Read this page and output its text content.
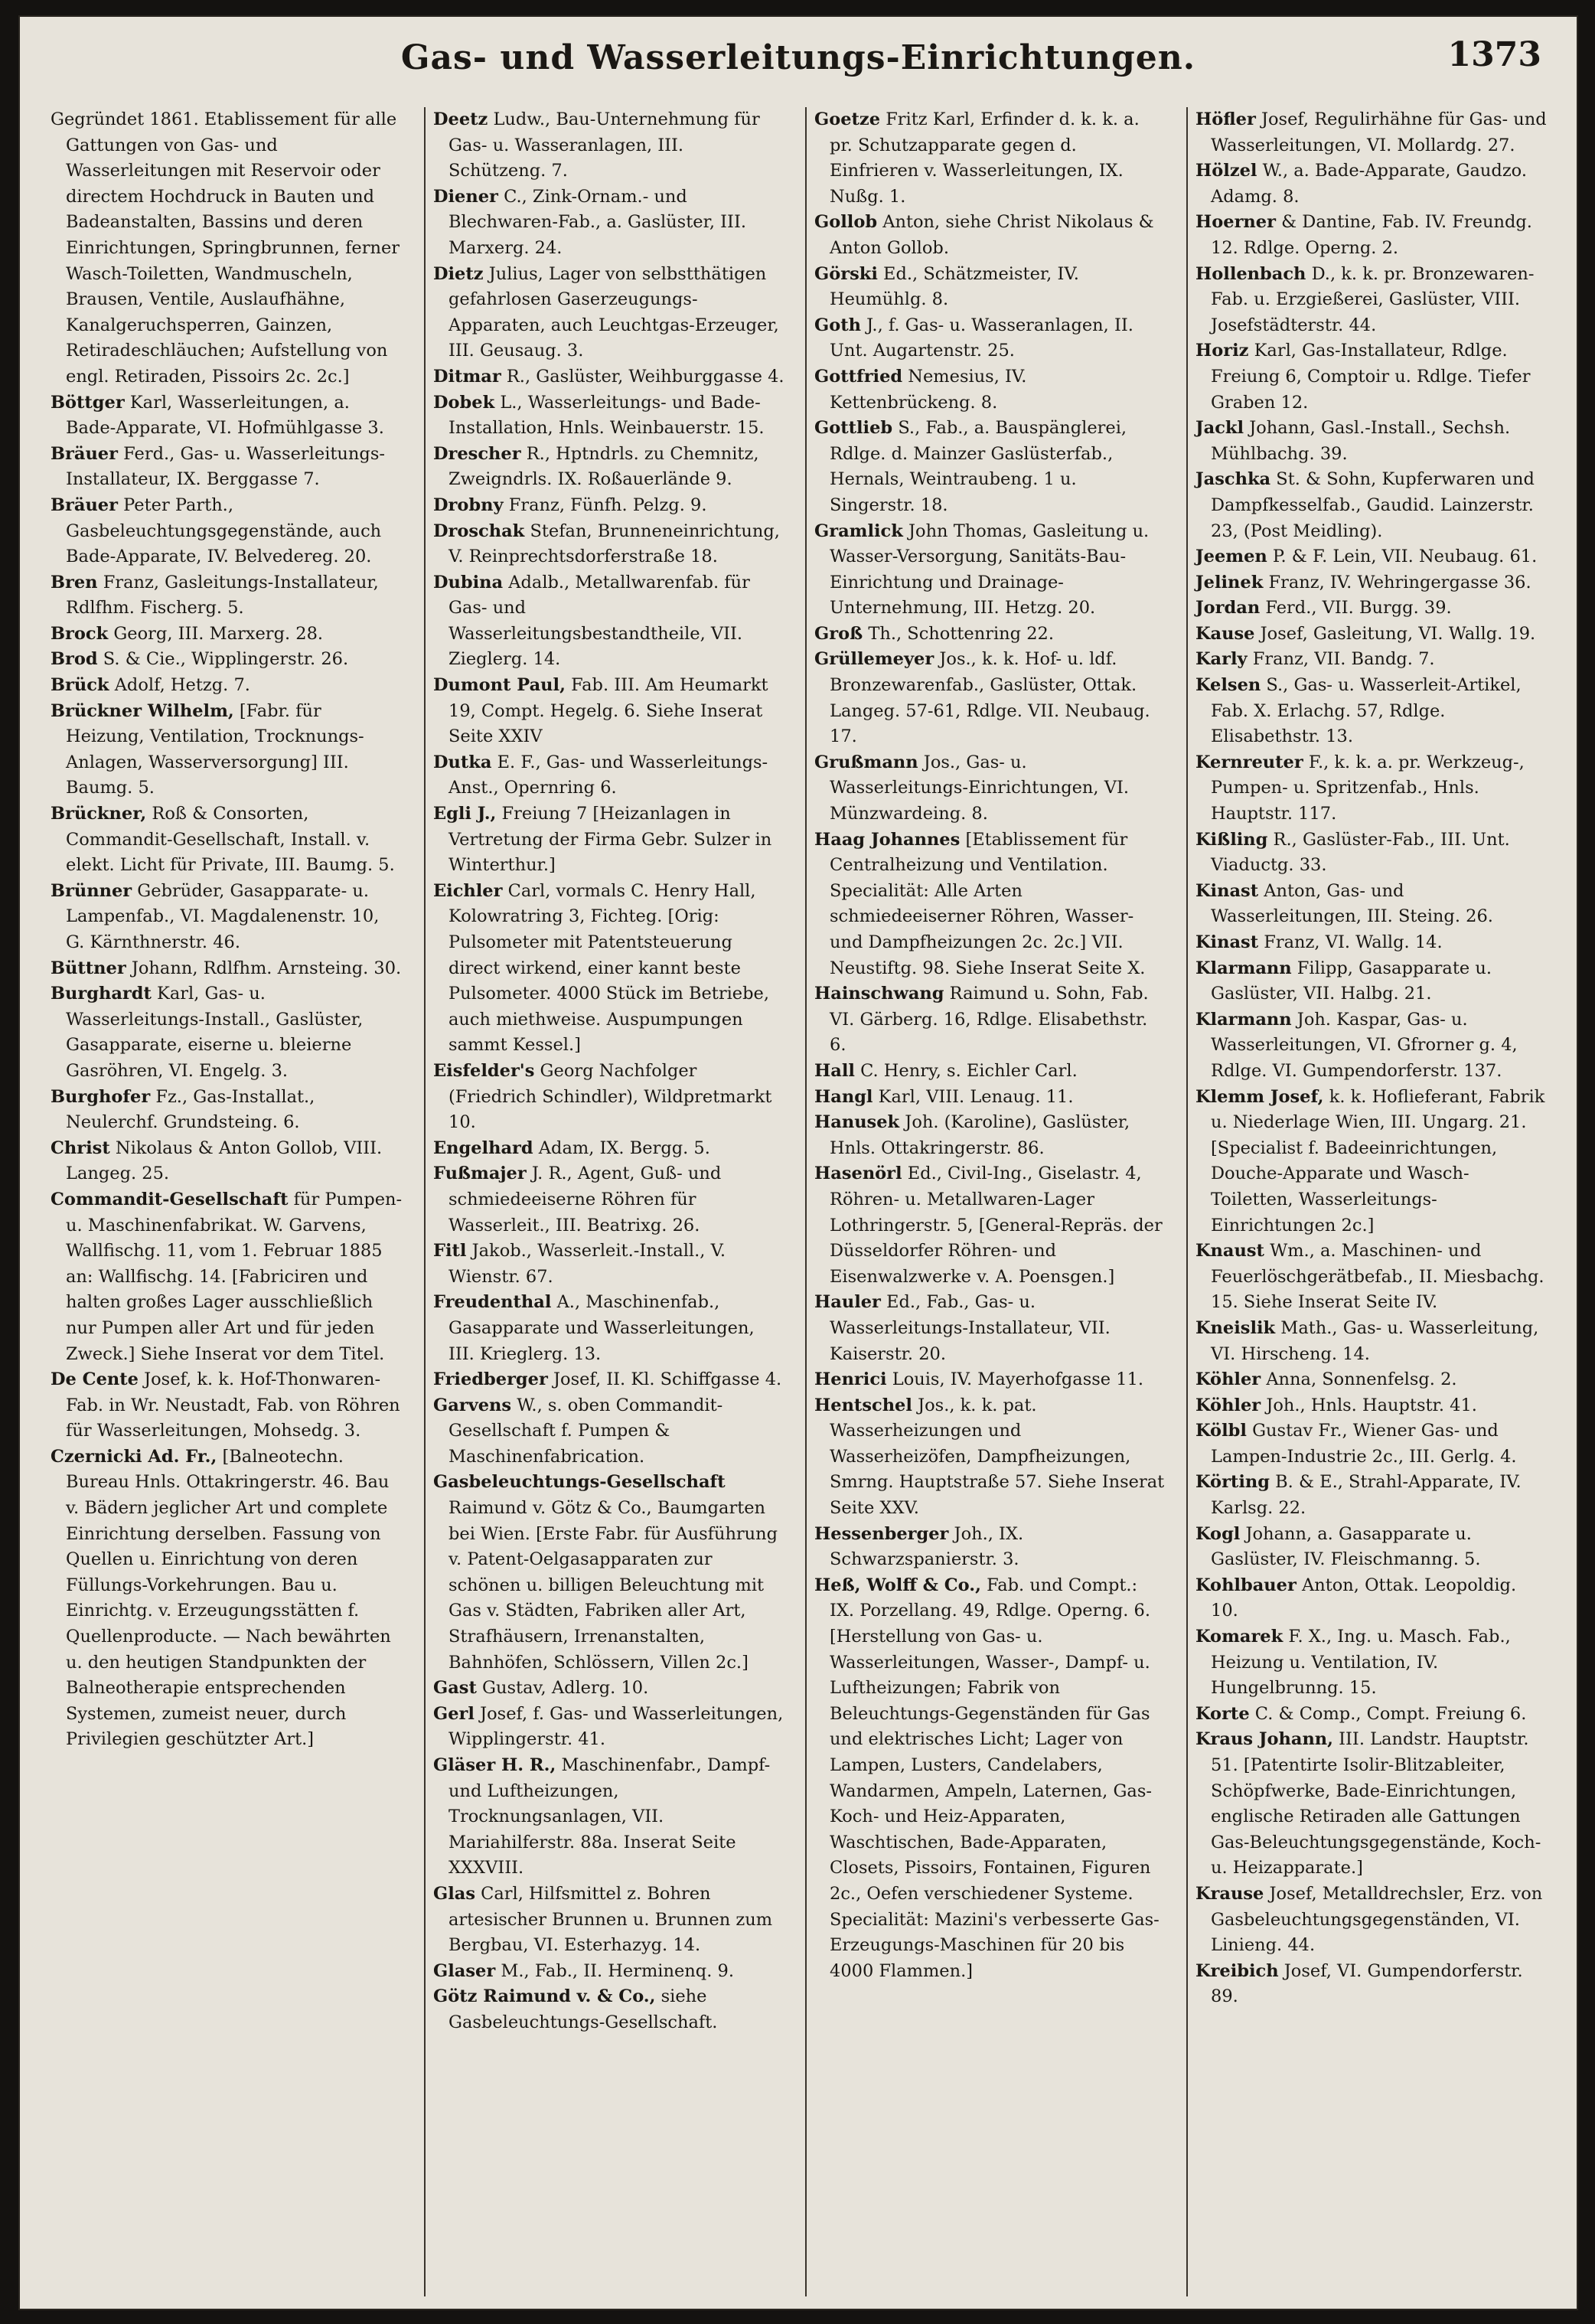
Gas- und Wasserleitungs-Einrichtungen.	1373

Gegründet 1861. Etablissement für alle Gattungen von Gas- und Wasserleitungen mit Reservoir oder directem Hochdruck in Bauten und Badeanstalten, Bassins und deren Einrichtungen, Springbrunnen, ferner Wasch-Toiletten, Wandmuscheln, Brausen, Ventile, Auslaufhähne, Kanalgeruchsperren, Gainzen, Retiradeschläuchen; Aufstellung von engl. Retiraden, Pissoirs 2c. 2c.]

Böttger Karl, Wasserleitungen, a. Bade-Apparate, VI. Hofmühlgasse 3.

Bräuer Ferd., Gas- u. Wasserleitungs-Installateur, IX. Berggasse 7.

Bräuer Peter Parth., Gasbeleuchtungsgegenstände, auch Bade-Apparate, IV. Belvedereg. 20.

Bren Franz, Gasleitungs-Installateur, Rdlfhm. Fischerg. 5.

Brock Georg, III. Marxerg. 28.

Brod S. & Cie., Wipplingerstr. 26.

Brück Adolf, Hetzg. 7.

Brückner Wilhelm, [Fabr. für Heizung, Ventilation, Trocknungs-Anlagen, Wasserversorgung] III. Baumg. 5.

Brückner, Roß & Consorten, Commandit-Gesellschaft, Install. v. elekt. Licht für Private, III. Baumg. 5.

Brünner Gebrüder, Gasapparate- u. Lampenfab., VI. Magdalenenstr. 10, G. Kärnthnerstr. 46.

Büttner Johann, Rdlfhm. Arnsteing. 30.

Burghardt Karl, Gas- u. Wasserleitungs-Install., Gaslüster, Gasapparate, eiserne u. bleierne Gasröhren, VI. Engelg. 3.

Burghofer Fz., Gas-Installat., Neulerchf. Grundsteing. 6.

Christ Nikolaus & Anton Gollob, VIII. Langeg. 25.

Commandit-Gesellschaft für Pumpen- u. Maschinenfabrikat. W. Garvens, Wallfischg. 11, vom 1. Februar 1885 an: Wallfischg. 14. [Fabriciren und halten großes Lager ausschließlich nur Pumpen aller Art und für jeden Zweck.] Siehe Inserat vor dem Titel.

De Cente Josef, k. k. Hof-Thonwaren-Fab. in Wr. Neustadt, Fab. von Röhren für Wasserleitungen, Mohsedg. 3.

Czernicki Ad. Fr., [Balneotechn. Bureau Hnls. Ottakringerstr. 46. Bau v. Bädern jeglicher Art und complete Einrichtung derselben. Fassung von Quellen u. Einrichtung von deren Füllungs-Vorkehrungen. Bau u. Einrichtg. v. Erzeugungsstätten f. Quellenproducte. — Nach bewährten u. den heutigen Standpunkten der Balneotherapie entsprechenden Systemen, zumeist neuer, durch Privilegien geschützter Art.]

Deetz Ludw., Bau-Unternehmung für Gas- u. Wasseranlagen, III. Schützeng. 7.

Diener C., Zink-Ornam.- und Blechwaren-Fab., a. Gaslüster, III. Marxerg. 24.

Dietz Julius, Lager von selbstthätigen gefahrlosen Gaserzeugungs-Apparaten, auch Leuchtgas-Erzeuger, III. Geusaug. 3.

Ditmar R., Gaslüster, Weihburggasse 4.

Dobek L., Wasserleitungs- und Bade-Installation, Hnls. Weinbauerstr. 15.

Drescher R., Hptndrls. zu Chemnitz, Zweigndrls. IX. Roßauerlände 9.

Drobny Franz, Fünfh. Pelzg. 9.

Droschak Stefan, Brunneneinrichtung, V. Reinprechtsdorferstraße 18.

Dubina Adalb., Metallwarenfab. für Gas- und Wasserleitungsbestandtheile, VII. Zieglerg. 14.

Dumont Paul, Fab. III. Am Heumarkt 19, Compt. Hegelg. 6. Siehe Inserat Seite XXIV

Dutka E. F., Gas- und Wasserleitungs-Anst., Opernring 6.

Egli J., Freiung 7 [Heizanlagen in Vertretung der Firma Gebr. Sulzer in Winterthur.]

Eichler Carl, vormals C. Henry Hall, Kolowratring 3, Fichteg. [Orig: Pulsometer mit Patentsteuerung direct wirkend, einer kannt beste Pulsometer. 4000 Stück im Betriebe, auch miethweise. Auspumpungen sammt Kessel.]

Eisfelder's Georg Nachfolger (Friedrich Schindler), Wildpretmarkt 10.

Engelhard Adam, IX. Bergg. 5.

Fußmajer J. R., Agent, Guß- und schmiedeeiserne Röhren für Wasserleit., III. Beatrixg. 26.

Fitl Jakob., Wasserleit.-Install., V. Wienstr. 67.

Freudenthal A., Maschinenfab., Gasapparate und Wasserleitungen, III. Krieglerg. 13.

Friedberger Josef, II. Kl. Schiffgasse 4.

Garvens W., s. oben Commandit-Gesellschaft f. Pumpen & Maschinenfabrication.

Gasbeleuchtungs-Gesellschaft Raimund v. Götz & Co., Baumgarten bei Wien. [Erste Fabr. für Ausführung v. Patent-Oelgasapparaten zur schönen u. billigen Beleuchtung mit Gas v. Städten, Fabriken aller Art, Strafhäusern, Irrenanstalten, Bahnhöfen, Schlössern, Villen 2c.]

Gast Gustav, Adlerg. 10.

Gerl Josef, f. Gas- und Wasserleitungen, Wipplingerstr. 41.

Gläser H. R., Maschinenfabr., Dampf- und Luftheizungen, Trocknungsanlagen, VII. Mariahilferstr. 88a. Inserat Seite XXXVIII.

Glas Carl, Hilfsmittel z. Bohren artesischer Brunnen u. Brunnen zum Bergbau, VI. Esterhazyg. 14.

Glaser M., Fab., II. Herminenq. 9.

Götz Raimund v. & Co., siehe Gasbeleuchtungs-Gesellschaft.

Goetze Fritz Karl, Erfinder d. k. k. a. pr. Schutzapparate gegen d. Einfrieren v. Wasserleitungen, IX. Nußg. 1.

Gollob Anton, siehe Christ Nikolaus & Anton Gollob.

Görski Ed., Schätzmeister, IV. Heumühlg. 8.

Goth J., f. Gas- u. Wasseranlagen, II. Unt. Augartenstr. 25.

Gottfried Nemesius, IV. Kettenbrückeng. 8.

Gottlieb S., Fab., a. Bauspänglerei, Rdlge. d. Mainzer Gaslüsterfab., Hernals, Weintraubeng. 1 u. Singerstr. 18.

Gramlick John Thomas, Gasleitung u. Wasser-Versorgung, Sanitäts-Bau-Einrichtung und Drainage-Unternehmung, III. Hetzg. 20.

Groß Th., Schottenring 22.

Grüllemeyer Jos., k. k. Hof- u. ldf. Bronzewarenfab., Gaslüster, Ottak. Langeg. 57-61, Rdlge. VII. Neubaug. 17.

Grußmann Jos., Gas- u. Wasserleitungs-Einrichtungen, VI. Münzwardeing. 8.

Haag Johannes [Etablissement für Centralheizung und Ventilation. Specialität: Alle Arten schmiedeeiserner Röhren, Wasser- und Dampfheizungen 2c. 2c.] VII. Neustiftg. 98. Siehe Inserat Seite X.

Hainschwang Raimund u. Sohn, Fab. VI. Gärberg. 16, Rdlge. Elisabethstr. 6.

Hall C. Henry, s. Eichler Carl.

Hangl Karl, VIII. Lenaug. 11.

Hanusek Joh. (Karoline), Gaslüster, Hnls. Ottakringerstr. 86.

Hasenörl Ed., Civil-Ing., Giselastr. 4, Röhren- u. Metallwaren-Lager Lothringerstr. 5, [General-Repräs. der Düsseldorfer Röhren- und Eisenwalzwerke v. A. Poensgen.]

Hauler Ed., Fab., Gas- u. Wasserleitungs-Installateur, VII. Kaiserstr. 20.

Henrici Louis, IV. Mayerhofgasse 11.

Hentschel Jos., k. k. pat. Wasserheizungen und Wasserheizöfen, Dampfheizungen, Smrng. Hauptstraße 57. Siehe Inserat Seite XXV.

Hessenberger Joh., IX. Schwarzspanierstr. 3.

Heß, Wolff & Co., Fab. und Compt.: IX. Porzellang. 49, Rdlge. Operng. 6. [Herstellung von Gas- u. Wasserleitungen, Wasser-, Dampf- u. Luftheizungen; Fabrik von Beleuchtungs-Gegenständen für Gas und elektrisches Licht; Lager von Lampen, Lusters, Candelabers, Wandarmen, Ampeln, Laternen, Gas-Koch- und Heiz-Apparaten, Waschtischen, Bade-Apparaten, Closets, Pissoirs, Fontainen, Figuren 2c., Oefen verschiedener Systeme. Specialität: Mazini's verbesserte Gas-Erzeugungs-Maschinen für 20 bis 4000 Flammen.]

Höfler Josef, Regulirhähne für Gas- und Wasserleitungen, VI. Mollardg. 27.

Hölzel W., a. Bade-Apparate, Gaudzo. Adamg. 8.

Hoerner & Dantine, Fab. IV. Freundg. 12. Rdlge. Operng. 2.

Hollenbach D., k. k. pr. Bronzewaren-Fab. u. Erzgießerei, Gaslüster, VIII. Josefstädterstr. 44.

Horiz Karl, Gas-Installateur, Rdlge. Freiung 6, Comptoir u. Rdlge. Tiefer Graben 12.

Jackl Johann, Gasl.-Install., Sechsh. Mühlbachg. 39.

Jaschka St. & Sohn, Kupferwaren und Dampfkesselfab., Gaudid. Lainzerstr. 23, (Post Meidling).

Jeemen P. & F. Lein, VII. Neubaug. 61.

Jelinek Franz, IV. Wehringergasse 36.

Jordan Ferd., VII. Burgg. 39.

Kause Josef, Gasleitung, VI. Wallg. 19.

Karly Franz, VII. Bandg. 7.

Kelsen S., Gas- u. Wasserleit-Artikel, Fab. X. Erlachg. 57, Rdlge. Elisabethstr. 13.

Kernreuter F., k. k. a. pr. Werkzeug-, Pumpen- u. Spritzenfab., Hnls. Hauptstr. 117.

Kißling R., Gaslüster-Fab., III. Unt. Viaductg. 33.

Kinast Anton, Gas- und Wasserleitungen, III. Steing. 26.

Kinast Franz, VI. Wallg. 14.

Klarmann Filipp, Gasapparate u. Gaslüster, VII. Halbg. 21.

Klarmann Joh. Kaspar, Gas- u. Wasserleitungen, VI. Gfrorner g. 4, Rdlge. VI. Gumpendorferstr. 137.

Klemm Josef, k. k. Hoflieferant, Fabrik u. Niederlage Wien, III. Ungarg. 21. [Specialist f. Badeeinrichtungen, Douche-Apparate und Wasch-Toiletten, Wasserleitungs-Einrichtungen 2c.]

Knaust Wm., a. Maschinen- und Feuerlöschgerätbefab., II. Miesbachg. 15. Siehe Inserat Seite IV.

Kneislik Math., Gas- u. Wasserleitung, VI. Hirscheng. 14.

Köhler Anna, Sonnenfelsg. 2.

Köhler Joh., Hnls. Hauptstr. 41.

Kölbl Gustav Fr., Wiener Gas- und Lampen-Industrie 2c., III. Gerlg. 4.

Körting B. & E., Strahl-Apparate, IV. Karlsg. 22.

Kogl Johann, a. Gasapparate u. Gaslüster, IV. Fleischmanng. 5.

Kohlbauer Anton, Ottak. Leopoldig. 10.

Komarek F. X., Ing. u. Masch. Fab., Heizung u. Ventilation, IV. Hungelbrunng. 15.

Korte C. & Comp., Compt. Freiung 6.

Kraus Johann, III. Landstr. Hauptstr. 51. [Patentirte Isolir-Blitzableiter, Schöpfwerke, Bade-Einrichtungen, englische Retiraden alle Gattungen Gas-Beleuchtungsgegenstände, Koch- u. Heizapparate.]

Krause Josef, Metalldrechsler, Erz. von Gasbeleuchtungsgegenständen, VI. Linieng. 44.

Kreibich Josef, VI. Gumpendorferstr. 89.
